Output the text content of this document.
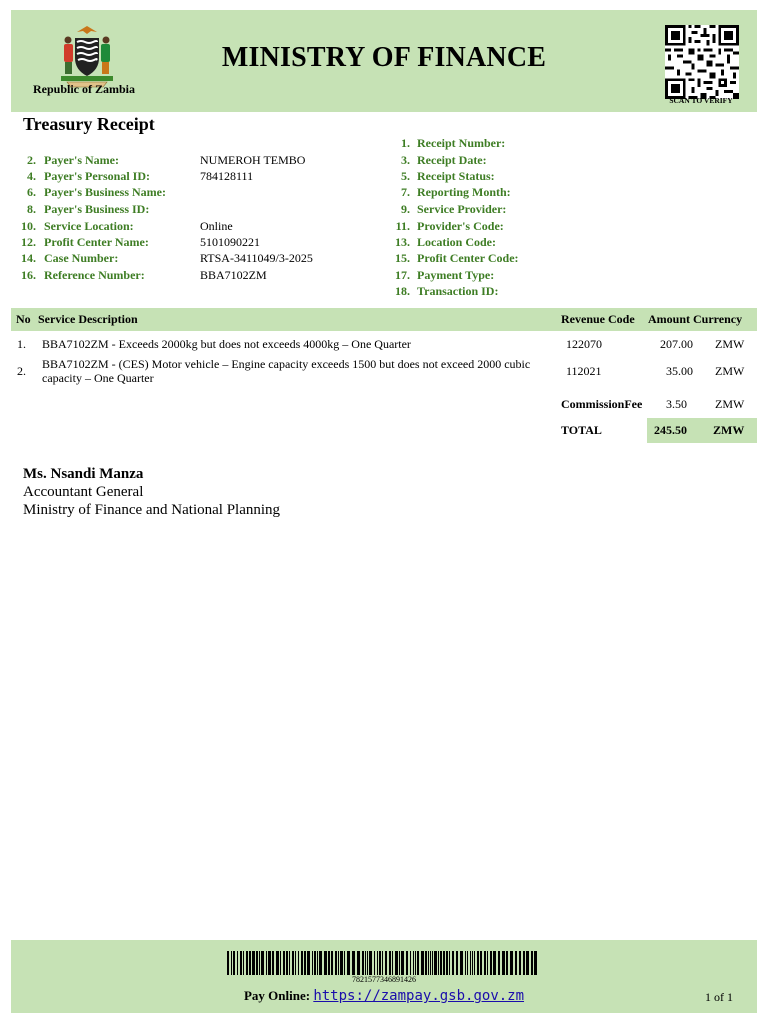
Republic of Zambia
MINISTRY OF FINANCE
SCAN TO VERIFY
Treasury Receipt
2. Payer's Name:	NUMEROH TEMBO
4. Payer's Personal ID:	784128111
6. Payer's Business Name:
8. Payer's Business ID:
10. Service Location:	Online
12. Profit Center Name:	5101090221
14. Case Number:	RTSA-3411049/3-2025
16. Reference Number:	BBA7102ZM
1. Receipt Number:
3. Receipt Date:
5. Receipt Status:
7. Reporting Month:
9. Service Provider:
11. Provider's Code:
13. Location Code:
15. Profit Center Code:
17. Payment Type:
18. Transaction ID:
No Service Description	Revenue Code Amount Currency
1. BBA7102ZM - Exceeds 2000kg but does not exceeds 4000kg – One Quarter	122070	207.00 ZMW
2. BBA7102ZM - (CES) Motor vehicle – Engine capacity exceeds 1500 but does not exceed 2000 cubic capacity – One Quarter	112021	35.00 ZMW
CommissionFee	3.50 ZMW
TOTAL	245.50 ZMW
Ms. Nsandi Manza
Accountant General
Ministry of Finance and National Planning
7821577346891426
Pay Online: https://zampay.gsb.gov.zm	1 of 1
